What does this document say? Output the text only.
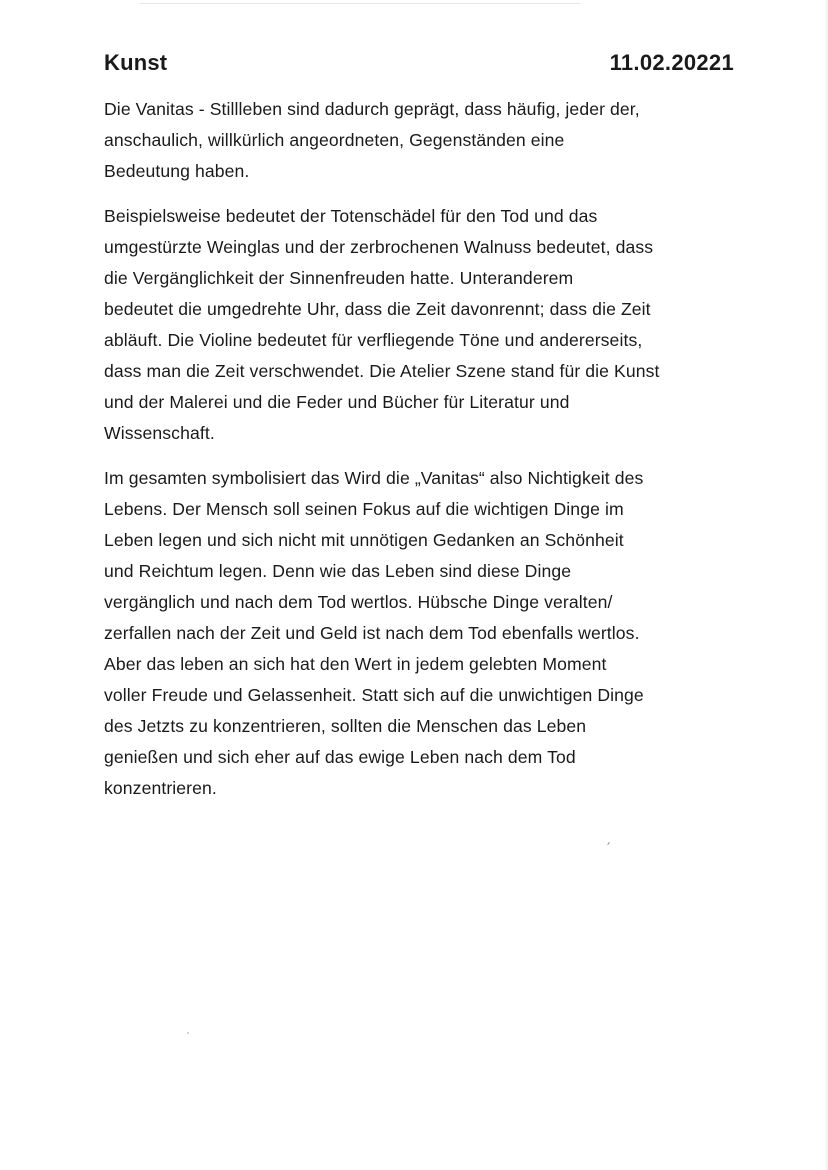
Kunst	11.02.20221

Die Vanitas - Stillleben sind dadurch geprägt, dass häufig, jeder der,
anschaulich, willkürlich angeordneten, Gegenständen eine
Bedeutung haben.

Beispielsweise bedeutet der Totenschädel für den Tod und das
umgestürzte Weinglas und der zerbrochenen Walnuss bedeutet, dass
die Vergänglichkeit der Sinnenfreuden hatte. Unteranderem
bedeutet die umgedrehte Uhr, dass die Zeit davonrennt; dass die Zeit
abläuft. Die Violine bedeutet für verfliegende Töne und andererseits,
dass man die Zeit verschwendet. Die Atelier Szene stand für die Kunst
und der Malerei und die Feder und Bücher für Literatur und
Wissenschaft.

Im gesamten symbolisiert das Wird die „Vanitas“ also Nichtigkeit des
Lebens. Der Mensch soll seinen Fokus auf die wichtigen Dinge im
Leben legen und sich nicht mit unnötigen Gedanken an Schönheit
und Reichtum legen. Denn wie das Leben sind diese Dinge
vergänglich und nach dem Tod wertlos. Hübsche Dinge veralten/
zerfallen nach der Zeit und Geld ist nach dem Tod ebenfalls wertlos.
Aber das leben an sich hat den Wert in jedem gelebten Moment
voller Freude und Gelassenheit. Statt sich auf die unwichtigen Dinge
des Jetzts zu konzentrieren, sollten die Menschen das Leben
genießen und sich eher auf das ewige Leben nach dem Tod
konzentrieren.
